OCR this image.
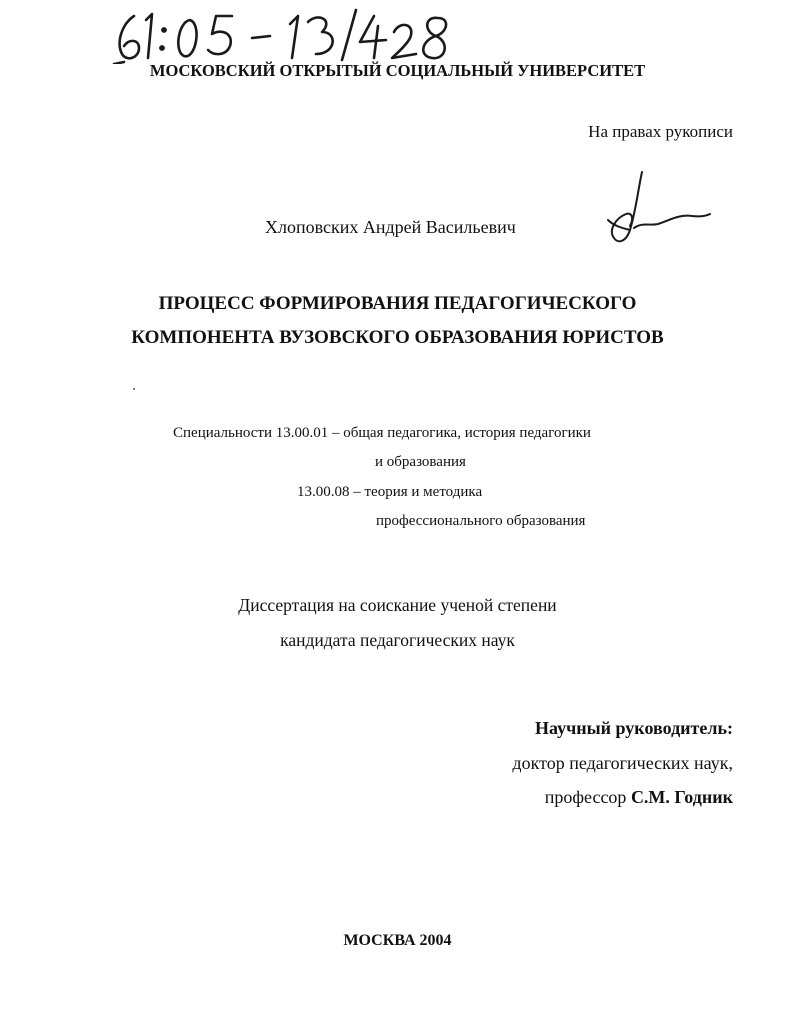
МОСКОВСКИЙ ОТКРЫТЫЙ СОЦИАЛЬНЫЙ УНИВЕРСИТЕТ
На правах рукописи
Хлоповских Андрей Васильевич
ПРОЦЕСС ФОРМИРОВАНИЯ ПЕДАГОГИЧЕСКОГО
КОМПОНЕНТА ВУЗОВСКОГО ОБРАЗОВАНИЯ ЮРИСТОВ
Специальности 13.00.01 – общая педагогика, история педагогики
и образования
13.00.08 – теория и методика
профессионального образования
Диссертация на соискание ученой степени
кандидата педагогических наук
Научный руководитель:
доктор педагогических наук,
профессор С.М. Годник
МОСКВА 2004
